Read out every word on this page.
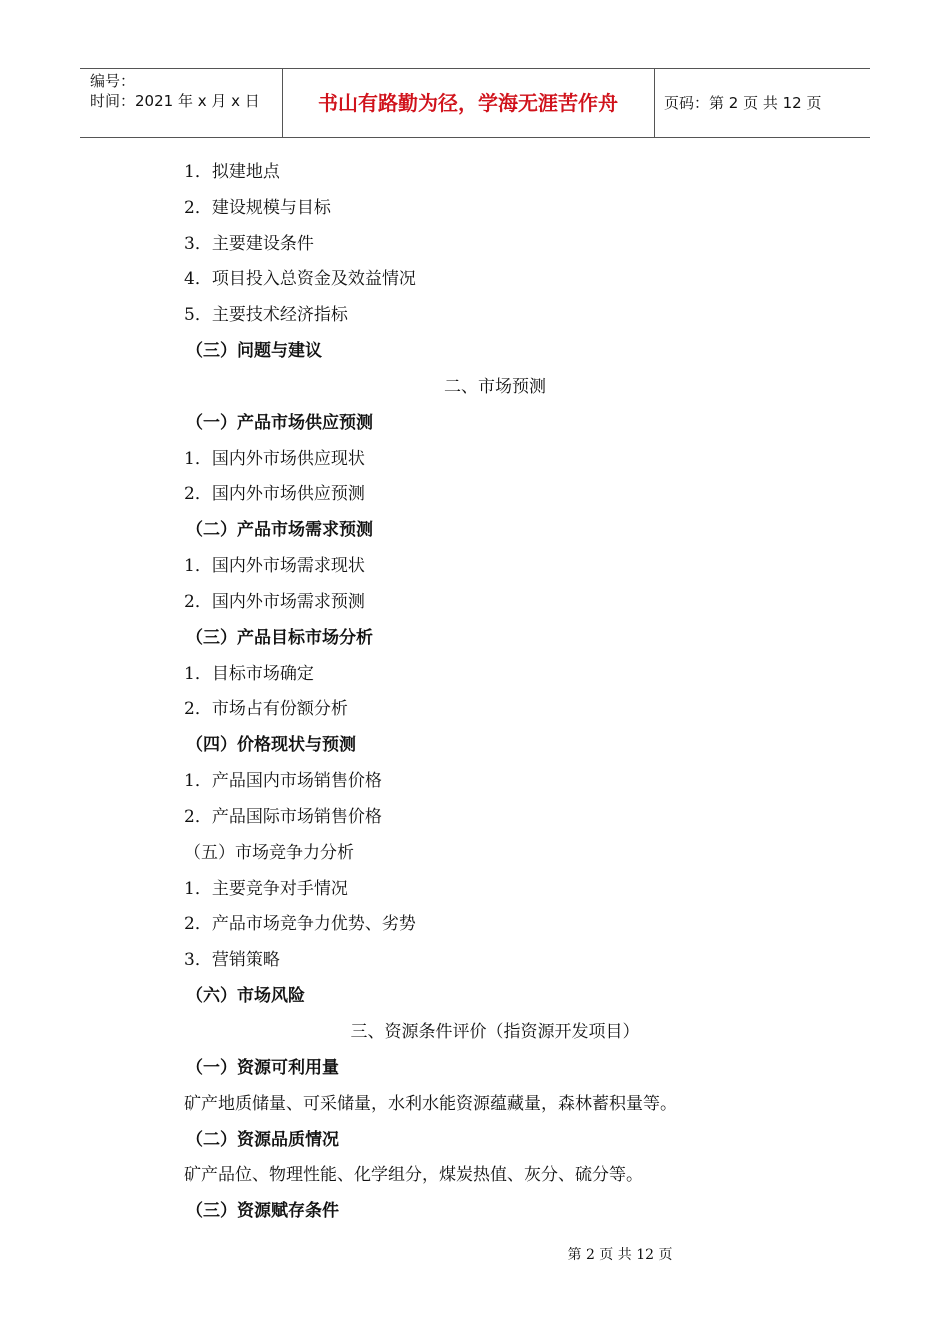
编号：
时间：2021 年 x 月 x 日	书山有路勤为径，学海无涯苦作舟	页码：第 2 页 共 12 页
1．拟建地点
2．建设规模与目标
3．主要建设条件
4．项目投入总资金及效益情况
5．主要技术经济指标
（三）问题与建议
二、市场预测
（一）产品市场供应预测
1．国内外市场供应现状
2．国内外市场供应预测
（二）产品市场需求预测
1．国内外市场需求现状
2．国内外市场需求预测
（三）产品目标市场分析
1．目标市场确定
2．市场占有份额分析
（四）价格现状与预测
1．产品国内市场销售价格
2．产品国际市场销售价格
（五）市场竞争力分析
1．主要竞争对手情况
2．产品市场竞争力优势、劣势
3．营销策略
（六）市场风险
三、资源条件评价（指资源开发项目）
（一）资源可利用量
矿产地质储量、可采储量，水利水能资源蕴藏量，森林蓄积量等。
（二）资源品质情况
矿产品位、物理性能、化学组分，煤炭热值、灰分、硫分等。
（三）资源赋存条件
第 2 页 共 12 页
